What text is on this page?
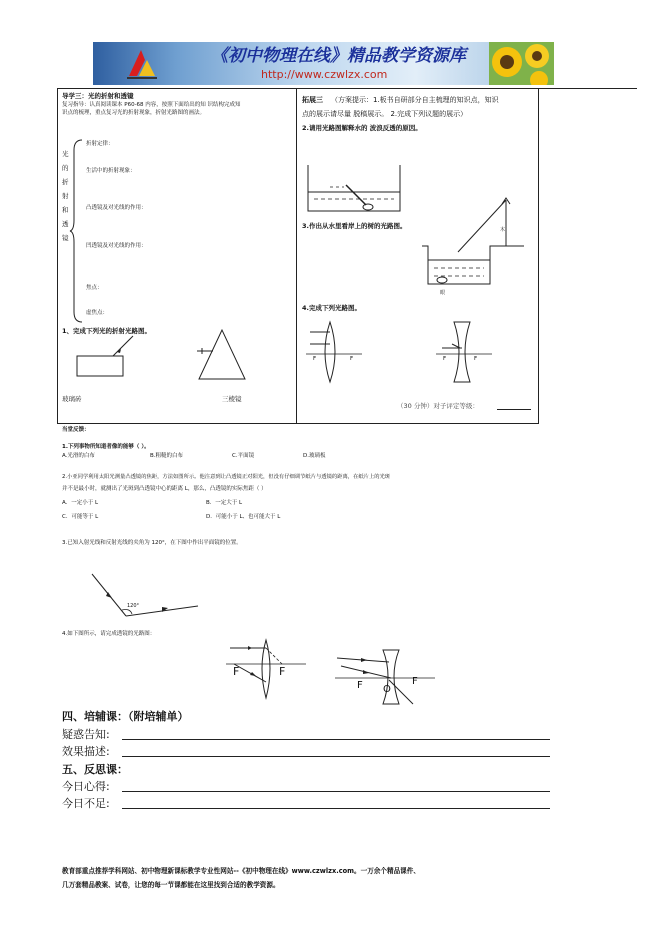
《初中物理在线》精品教学资源库
http://www.czwlzx.com
导学三：光的折射和透镜
复习指导：认真阅读课本 P60-68 内容，按照下面给出的知 识结构完成知
识点的梳理，重点复习光的折射现象，折射光路图的画法。
光
的
折
射
和
透
镜
折射定律：
生活中的折射现象：
凸透镜及对光线的作用：
凹透镜及对光线的作用：
焦点：
虚焦点：
1、完成下列光的折射光路图。
玻璃砖	三棱镜
拓展三 （方案提示：1.板书自研部分自主梳理的知识点，知识
点的展示请尽量 脱稿展示。 2.完成下列议题的展示）
2.请用光路图解释水的 波浪反透的原因。
3.作出从水里看岸上的树的光路图。	木
眼
4.完成下列光路图。
F	F	F	F
（30 分钟）对子评定等级：
当堂反馈：
1.下列事物所知道者像的能够（ ）。
A.光滑的白布	B.粗糙的白布	C.平面镜	D.玻璃板
2.小亚同学利用太阳光测量凸透镜的焦距，方法如图所示。他注意到让凸透镜正对阳光，但没有仔细调节纸片与透镜的距离，在纸片上的光斑
并不是最小时，就测出了光斑到凸透镜中心的距离 L，那么，凸透镜的实际焦距（ ）
A．一定小于 L	B．一定大于 L
C．可能等于 L	D．可能小于 L、也可能大于 L
3.已知入射光线和反射光线的夹角为 120°，在下图中作出平面镜的位置。
120°
4.如下图所示，请完成透镜的光路图：
F	F
F O
F
四、培辅课：（附培辅单）
疑惑告知:
效果描述:
五、反思课：
今日心得:
今日不足:
教育部重点推荐学科网站、初中物理新课标教学专业性网站--《初中物理在线》www.czwlzx.com。一万余个精品课件、
几万套精品教案、试卷，让您的每一节课都能在这里找到合适的教学资源。
